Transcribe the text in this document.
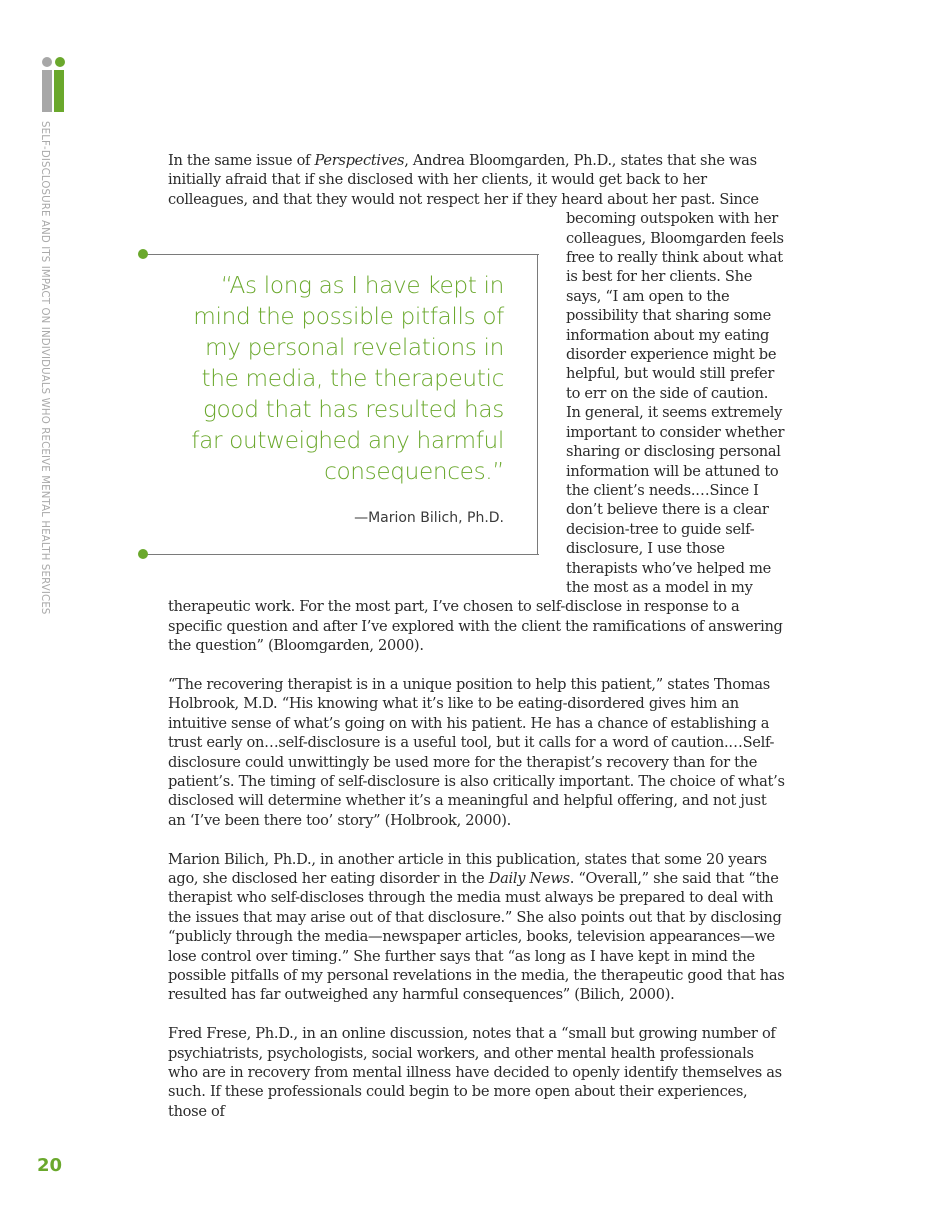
SELF-DISCLOSURE AND ITS IMPACT ON INDIVIDUALS WHO RECEIVE MENTAL HEALTH SERVICES
20

In the same issue of Perspectives, Andrea Bloomgarden, Ph.D., states that she was initially afraid that if she disclosed with her clients, it would get back to her colleagues, and that they would not respect her if they heard about her past. Since becoming outspoken with her colleagues, Bloomgarden feels free to really think about what is best for her clients. She says, “I am open to the possibility that sharing some information about my eating disorder experience might be helpful, but would still prefer to err on the side of caution. In general, it seems extremely important to consider whether sharing or disclosing personal information will be attuned to the client’s needs.…Since I don’t believe there is a clear decision-tree to guide self-disclosure, I use those therapists who’ve helped me the most as a model in my therapeutic work. For the most part, I’ve chosen to self-disclose in response to a specific question and after I’ve explored with the client the ramifications of answering the question” (Bloomgarden, 2000).

“The recovering therapist is in a unique position to help this patient,” states Thomas Holbrook, M.D. “His knowing what it’s like to be eating-disordered gives him an intuitive sense of what’s going on with his patient. He has a chance of establishing a trust early on…self-disclosure is a useful tool, but it calls for a word of caution.…Self-disclosure could unwittingly be used more for the therapist’s recovery than for the patient’s. The timing of self-disclosure is also critically important. The choice of what’s disclosed will determine whether it’s a meaningful and helpful offering, and not just an ‘I’ve been there too’ story” (Holbrook, 2000).

Marion Bilich, Ph.D., in another article in this publication, states that some 20 years ago, she disclosed her eating disorder in the Daily News. “Overall,” she said that “the therapist who self-discloses through the media must always be prepared to deal with the issues that may arise out of that disclosure.” She also points out that by disclosing “publicly through the media—newspaper articles, books, television appearances—we lose control over timing.” She further says that “as long as I have kept in mind the possible pitfalls of my personal revelations in the media, the therapeutic good that has resulted has far outweighed any harmful consequences” (Bilich, 2000).

Fred Frese, Ph.D., in an online discussion, notes that a “small but growing number of psychiatrists, psychologists, social workers, and other mental health professionals who are in recovery from mental illness have decided to openly identify themselves as such. If these professionals could begin to be more open about their experiences, those of

“As long as I have kept in mind the possible pitfalls of my personal revelations in the media, the therapeutic good that has resulted has far outweighed any harmful consequences.”

—Marion Bilich, Ph.D.
